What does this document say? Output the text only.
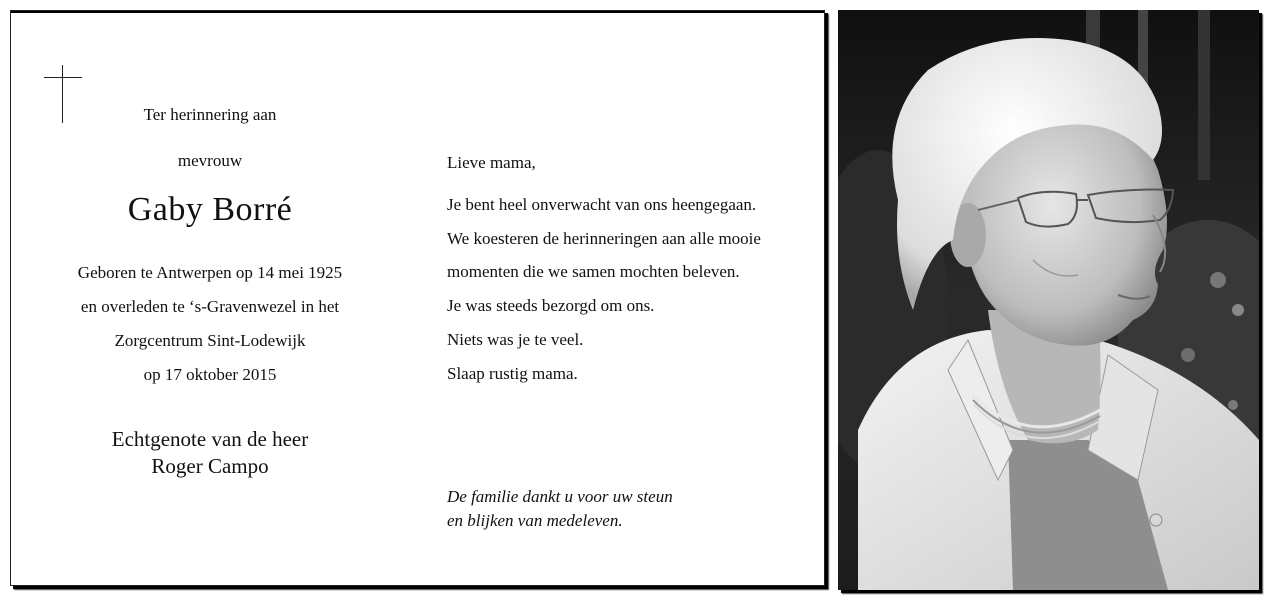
Ter herinnering aan
mevrouw
Gaby Borré
Geboren te Antwerpen op 14 mei 1925
en overleden te ‘s-Gravenwezel in het
Zorgcentrum Sint-Lodewijk
op 17 oktober 2015
Echtgenote van de heer
Roger Campo
Lieve mama,
Je bent heel onverwacht van ons heengegaan.
We koesteren de herinneringen aan alle mooie
momenten die we samen mochten beleven.
Je was steeds bezorgd om ons.
Niets was je te veel.
Slaap rustig mama.
De familie dankt u voor uw steun
en blijken van medeleven.
